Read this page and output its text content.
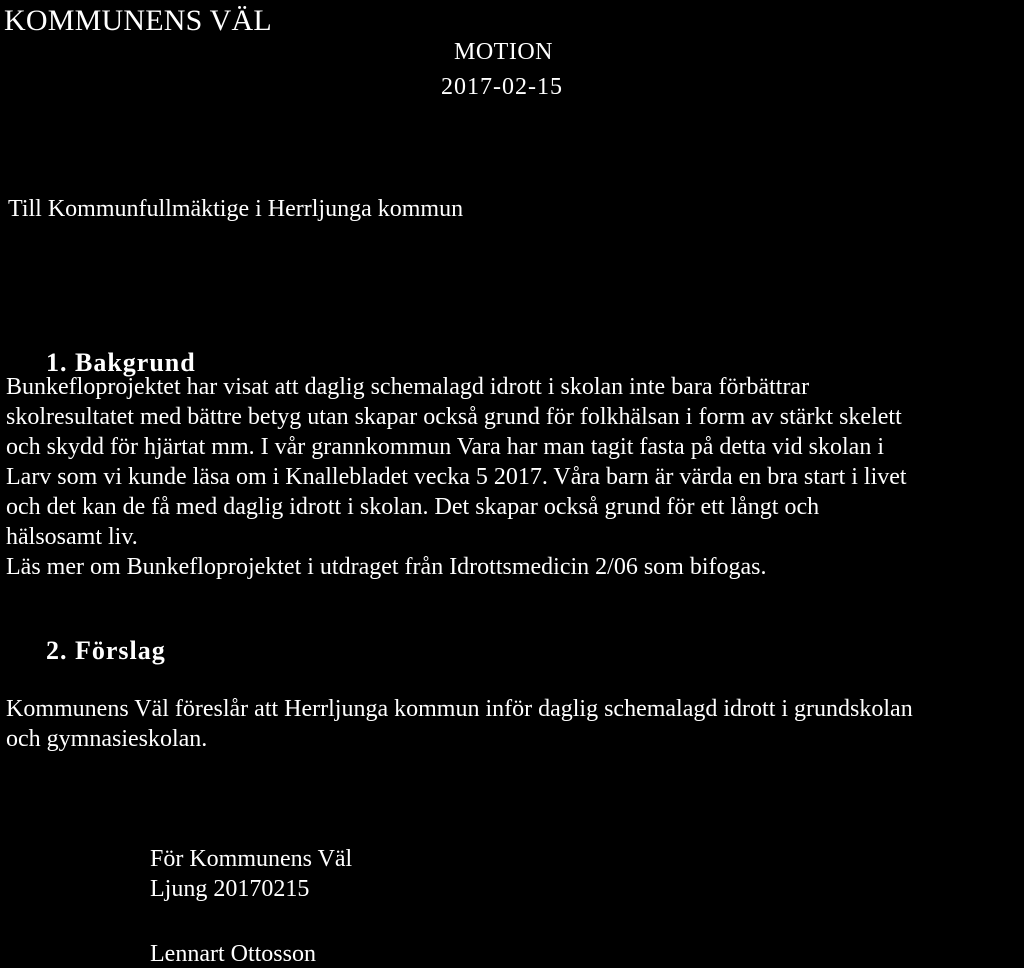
KOMMUNENS VÄL
MOTION
2017-02-15
Till Kommunfullmäktige i Herrljunga kommun
1. Bakgrund
Bunkefloprojektet har visat att daglig schemalagd idrott i skolan inte bara förbättrar
skolresultatet med bättre betyg utan skapar också grund för folkhälsan i form av stärkt skelett
och skydd för hjärtat mm. I vår grannkommun Vara har man tagit fasta på detta vid skolan i
Larv som vi kunde läsa om i Knallebladet vecka 5 2017. Våra barn är värda en bra start i livet
och det kan de få med daglig idrott i skolan. Det skapar också grund för ett långt och
hälsosamt liv.
Läs mer om Bunkefloprojektet i utdraget från Idrottsmedicin 2/06 som bifogas.
2. Förslag
Kommunens Väl föreslår att Herrljunga kommun inför daglig schemalagd idrott i grundskolan
och gymnasieskolan.
För Kommunens Väl
Ljung 20170215
Lennart Ottosson
